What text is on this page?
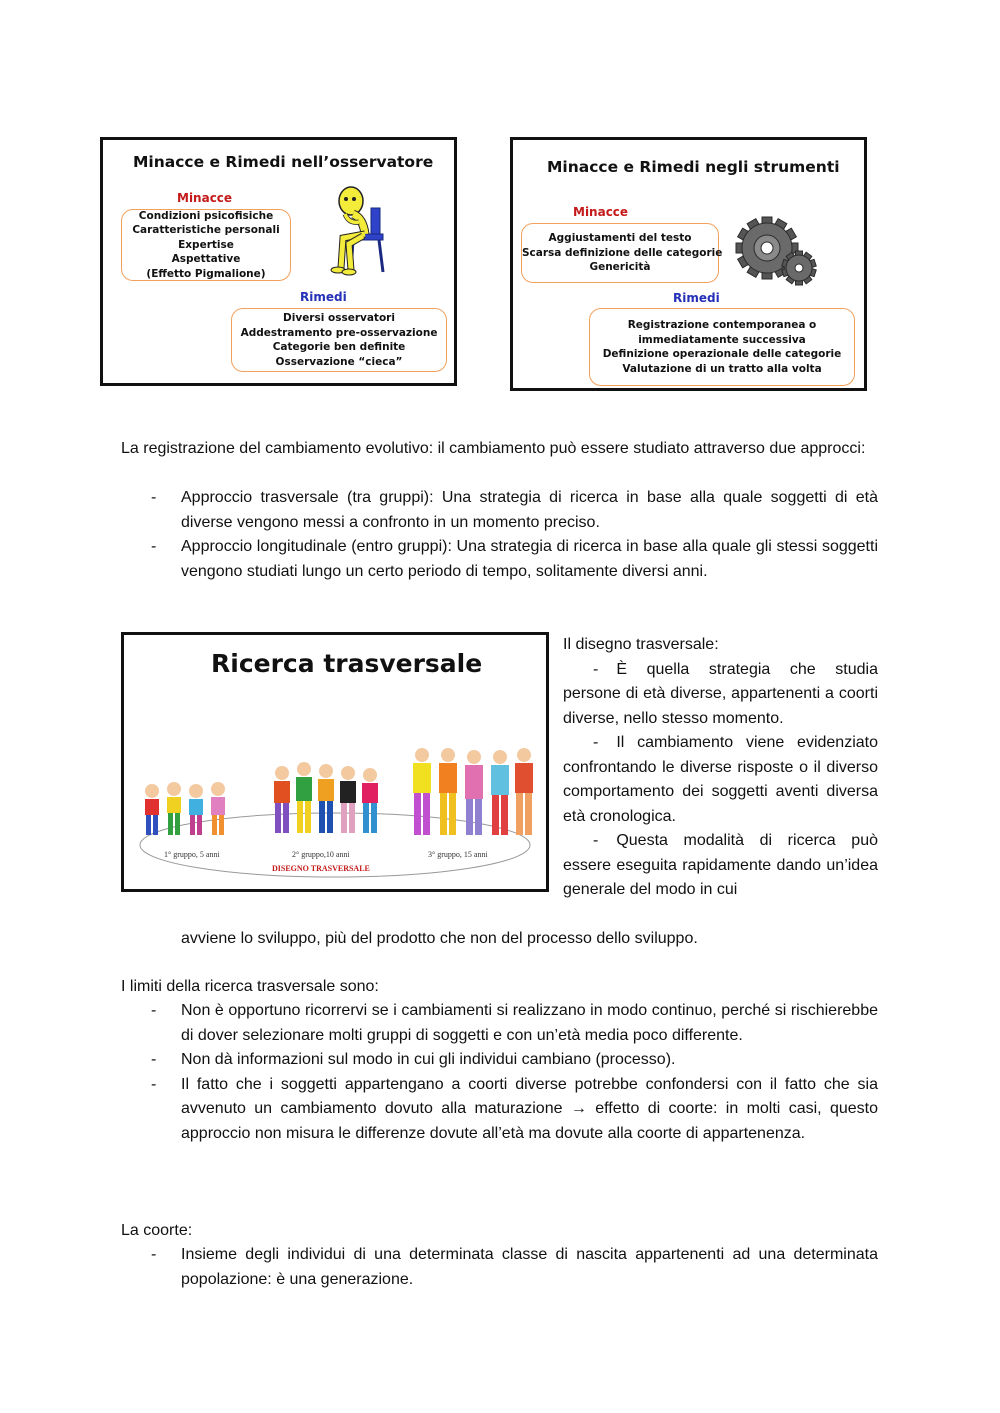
Minacce e Rimedi nell’osservatore
Minacce
Condizioni psicofisiche
Caratteristiche personali
Expertise
Aspettative
(Effetto Pigmalione)
Rimedi
Diversi osservatori
Addestramento pre-osservazione
Categorie ben definite
Osservazione “cieca”
Minacce e Rimedi negli strumenti
Minacce
Aggiustamenti del testo
Scarsa definizione delle categorie
Genericità
Rimedi
Registrazione contemporanea o
immediatamente successiva
Definizione operazionale delle categorie
Valutazione di un tratto alla volta

La registrazione del cambiamento evolutivo: il cambiamento può essere studiato attraverso due approcci:

- Approccio trasversale (tra gruppi): Una strategia di ricerca in base alla quale soggetti di età diverse vengono messi a confronto in un momento preciso.
- Approccio longitudinale (entro gruppi): Una strategia di ricerca in base alla quale gli stessi soggetti vengono studiati lungo un certo periodo di tempo, solitamente diversi anni.
Ricerca trasversale
1° gruppo, 5 anni	2° gruppo,10 anni	3° gruppo, 15 anni
DISEGNO TRASVERSALE

Il disegno trasversale:

- È quella strategia che studia persone di età diverse, appartenenti a coorti diverse, nello stesso momento.

- Il cambiamento viene evidenziato confrontando le diverse risposte o il diverso comportamento dei soggetti aventi diversa età cronologica.

- Questa modalità di ricerca può essere eseguita rapidamente dando un’idea generale del modo in cui

avviene lo sviluppo, più del prodotto che non del processo dello sviluppo.

I limiti della ricerca trasversale sono:

- Non è opportuno ricorrervi se i cambiamenti si realizzano in modo continuo, perché si rischierebbe di dover selezionare molti gruppi di soggetti e con un’età media poco differente.
- Non dà informazioni sul modo in cui gli individui cambiano (processo).
- Il fatto che i soggetti appartengano a coorti diverse potrebbe confondersi con il fatto che sia avvenuto un cambiamento dovuto alla maturazione → effetto di coorte: in molti casi, questo approccio non misura le differenze dovute all’età ma dovute alla coorte di appartenenza.

La coorte:

- Insieme degli individui di una determinata classe di nascita appartenenti ad una determinata popolazione: è una generazione.
